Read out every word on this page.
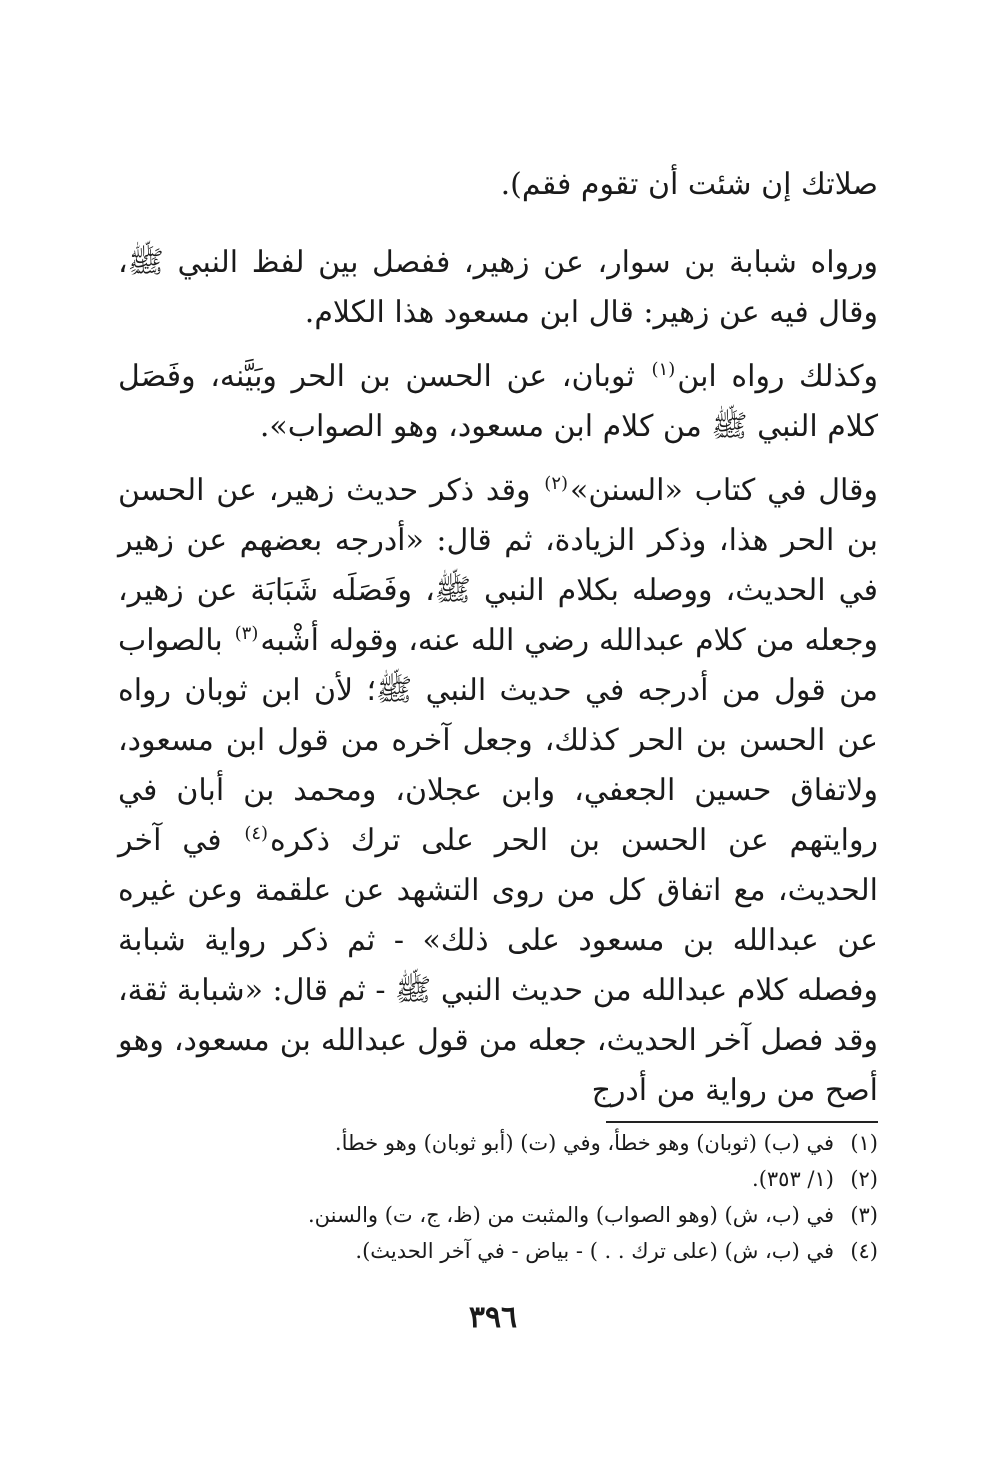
صلاتك إن شئت أن تقوم فقم).

ورواه شبابة بن سوار، عن زهير، ففصل بين لفظ النبي ﷺ، وقال فيه عن زهير: قال ابن مسعود هذا الكلام.

وكذلك رواه ابن$^{(١)}$ ثوبان، عن الحسن بن الحر وبَيَّنه، وفَصَل كلام النبي ﷺ من كلام ابن مسعود، وهو الصواب».

وقال في كتاب «السنن»$^{(٢)}$ وقد ذكر حديث زهير، عن الحسن بن الحر هذا، وذكر الزيادة، ثم قال: «أدرجه بعضهم عن زهير في الحديث، ووصله بكلام النبي ﷺ، وفَصَلَه شَبَابَة عن زهير، وجعله من كلام عبدالله رضي الله عنه، وقوله أشْبه$^{(٣)}$ بالصواب من قول من أدرجه في حديث النبي ﷺ؛ لأن ابن ثوبان رواه عن الحسن بن الحر كذلك، وجعل آخره من قول ابن مسعود، ولاتفاق حسين الجعفي، وابن عجلان، ومحمد بن أبان في روايتهم عن الحسن بن الحر على ترك ذكره$^{(٤)}$ في آخر الحديث، مع اتفاق كل من روى التشهد عن علقمة وعن غيره عن عبدالله بن مسعود على ذلك» - ثم ذكر رواية شبابة وفصله كلام عبدالله من حديث النبي ﷺ - ثم قال: «شبابة ثقة، وقد فصل آخر الحديث، جعله من قول عبدالله بن مسعود، وهو أصح من رواية من أدرج

(١)
في (ب) (ثوبان) وهو خطأ، وفي (ت) (أبو ثوبان) وهو خطأ.
(٢)
(١/ ٣٥٣).
(٣)
في (ب، ش) (وهو الصواب) والمثبت من (ظ، ج، ت) والسنن.
(٤)
في (ب، ش) (على ترك . . ) - بياض - في آخر الحديث).
٣٩٦
